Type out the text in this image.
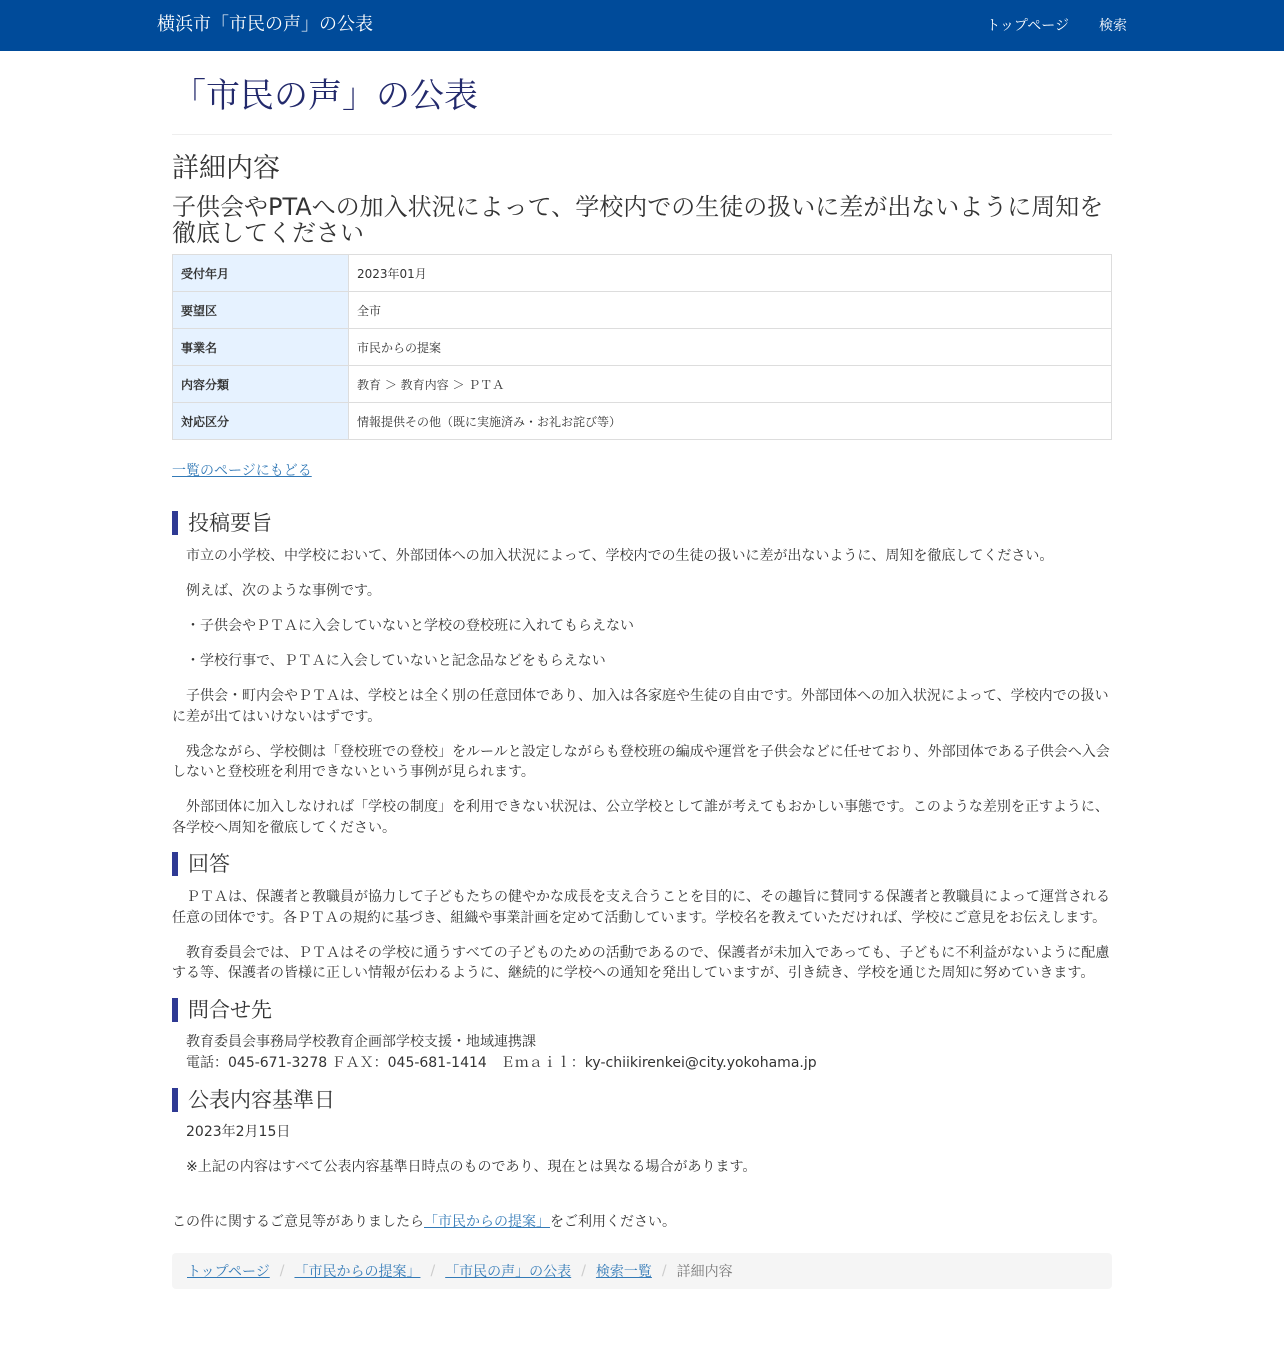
横浜市「市民の声」の公表	トップページ 検索
「市民の声」の公表
詳細内容
子供会やPTAへの加入状況によって、学校内での生徒の扱いに差が出ないように周知を徹底してください
受付年月	2023年01月
要望区	全市
事業名	市民からの提案
内容分類	教育 ＞ 教育内容 ＞ ＰＴＡ
対応区分	情報提供その他（既に実施済み・お礼お詫び等）
一覧のページにもどる
投稿要旨

市立の小学校、中学校において、外部団体への加入状況によって、学校内での生徒の扱いに差が出ないように、周知を徹底してください。

例えば、次のような事例です。

・子供会やＰＴＡに入会していないと学校の登校班に入れてもらえない

・学校行事で、ＰＴＡに入会していないと記念品などをもらえない

子供会・町内会やＰＴＡは、学校とは全く別の任意団体であり、加入は各家庭や生徒の自由です。外部団体への加入状況によって、学校内での扱いに差が出てはいけないはずです。

残念ながら、学校側は「登校班での登校」をルールと設定しながらも登校班の編成や運営を子供会などに任せており、外部団体である子供会へ入会しないと登校班を利用できないという事例が見られます。

外部団体に加入しなければ「学校の制度」を利用できない状況は、公立学校として誰が考えてもおかしい事態です。このような差別を正すように、各学校へ周知を徹底してください。

回答

ＰＴＡは、保護者と教職員が協力して子どもたちの健やかな成長を支え合うことを目的に、その趣旨に賛同する保護者と教職員によって運営される任意の団体です。各ＰＴＡの規約に基づき、組織や事業計画を定めて活動しています。学校名を教えていただければ、学校にご意見をお伝えします。

教育委員会では、ＰＴＡはその学校に通うすべての子どものための活動であるので、保護者が未加入であっても、子どもに不利益がないように配慮する等、保護者の皆様に正しい情報が伝わるように、継続的に学校への通知を発出していますが、引き続き、学校を通じた周知に努めていきます。

問合せ先

教育委員会事務局学校教育企画部学校支援・地域連携課

電話：045-671-3278 ＦＡＸ：045-681-1414　Ｅｍａｉｌ：ky-chiikirenkei@city.yokohama.jp

公表内容基準日

2023年2月15日

※上記の内容はすべて公表内容基準日時点のものであり、現在とは異なる場合があります。

この件に関するご意見等がありましたら「市民からの提案」をご利用ください。

トップページ / 「市民からの提案」 / 「市民の声」の公表 / 検索一覧 / 詳細内容
